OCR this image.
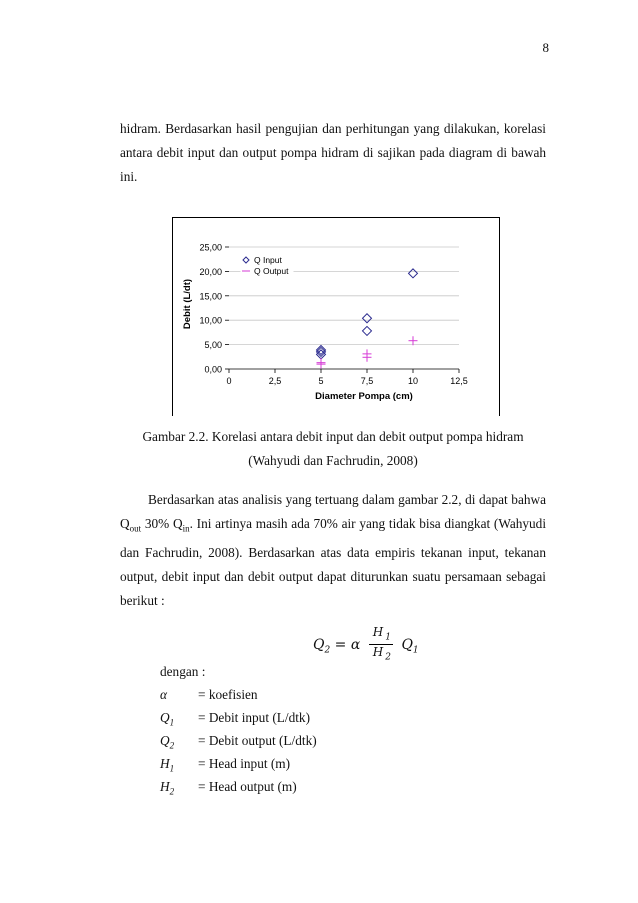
8

hidram. Berdasarkan hasil pengujian dan perhitungan yang dilakukan, korelasi antara debit input dan output pompa hidram di sajikan pada diagram di bawah ini.

0,00
5,00
10,00
15,00
20,00
25,00
0	2,5	5	7,5	10	12,5
Diameter Pompa (cm)
Debit (L/dt)
Q Input
Q Output
Gambar 2.2. Korelasi antara debit input dan debit output pompa hidram
(Wahyudi dan Fachrudin, 2008)

Berdasarkan atas analisis yang tertuang dalam gambar 2.2, di dapat bahwa $Q_{out}$ 30% $Q_{in}$. Ini artinya masih ada 70% air yang tidak bisa diangkat (Wahyudi dan Fachrudin, 2008). Berdasarkan atas data empiris tekanan input, tekanan output, debit input dan debit output dapat diturunkan suatu persamaan sebagai berikut :

$Q_2 = \alpha \frac{H _1}{H _2} Q_1$
dengan :
α = koefisien
$Q_1$ = Debit input (L/dtk)
$Q_2$ = Debit output (L/dtk)
$H_1$ = Head input (m)
$H_2$ = Head output (m)
